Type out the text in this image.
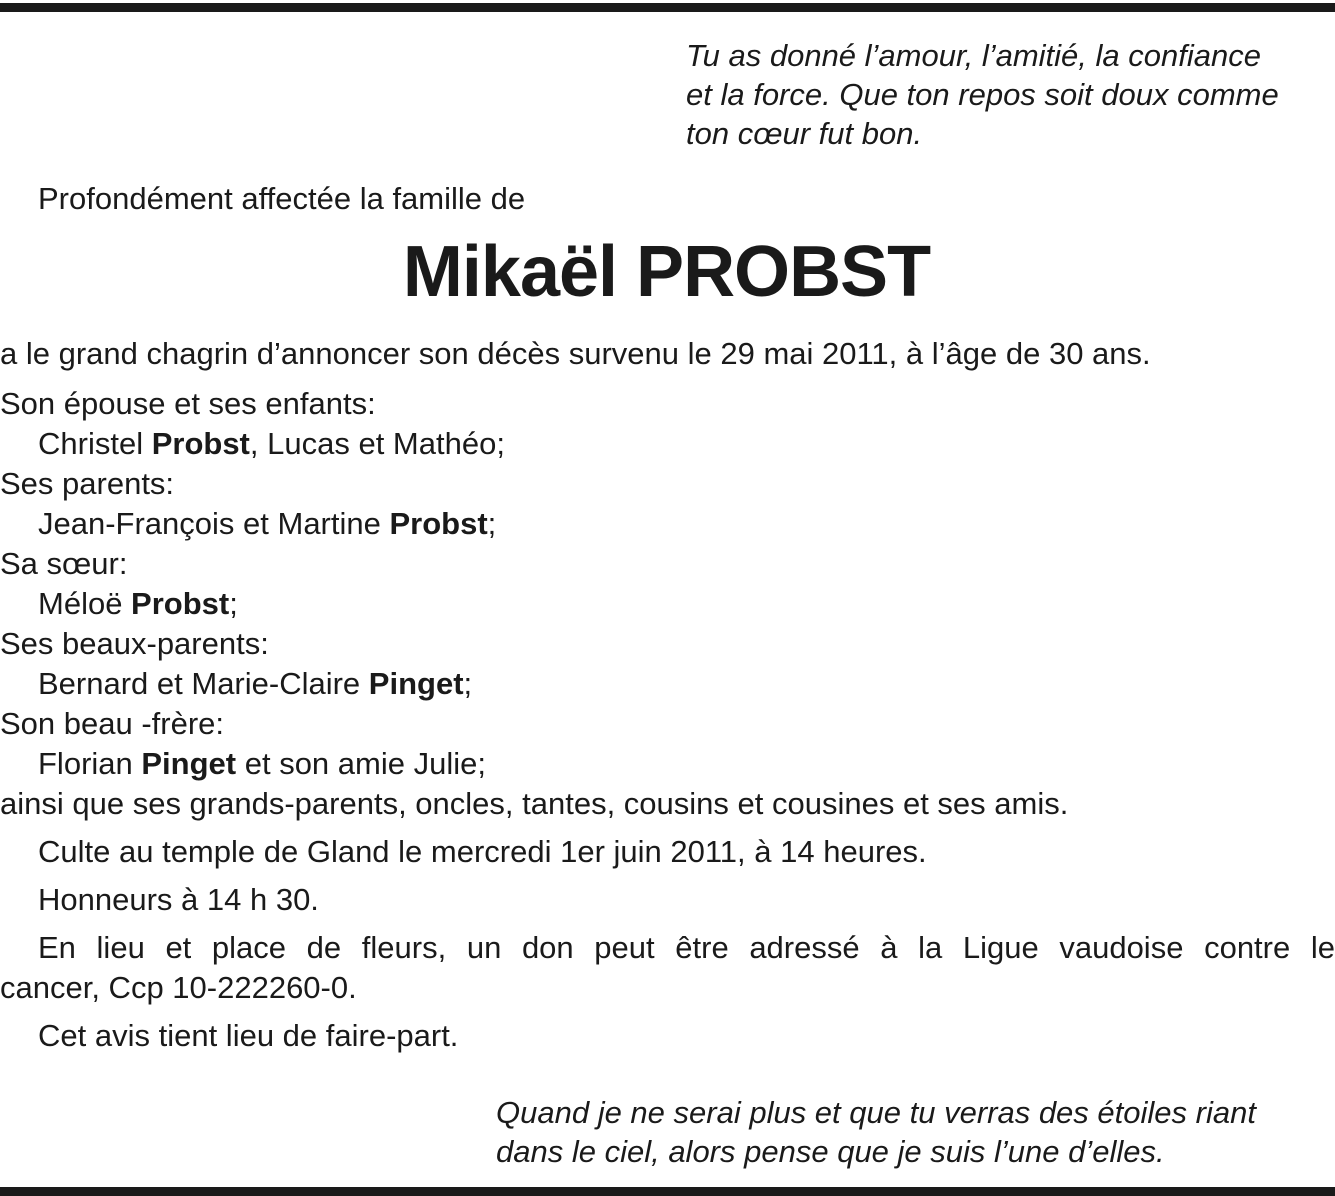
Tu as donné l’amour, l’amitié, la confiance
et la force. Que ton repos soit doux comme
ton cœur fut bon.
Profondément affectée la famille de
Mikaël PROBST
a le grand chagrin d’annoncer son décès survenu le 29 mai 2011, à l’âge de 30 ans.
Son épouse et ses enfants:
Christel Probst, Lucas et Mathéo;
Ses parents:
Jean-François et Martine Probst;
Sa sœur:
Méloë Probst;
Ses beaux-parents:
Bernard et Marie-Claire Pinget;
Son beau -frère:
Florian Pinget et son amie Julie;
ainsi que ses grands-parents, oncles, tantes, cousins et cousines et ses amis.
Culte au temple de Gland le mercredi 1er juin 2011, à 14 heures.
Honneurs à 14 h 30.
En lieu et place de fleurs, un don peut être adressé à la Ligue vaudoise contre le
cancer, Ccp 10-222260-0.
Cet avis tient lieu de faire-part.
Quand je ne serai plus et que tu verras des étoiles riant
dans le ciel, alors pense que je suis l’une d’elles.
